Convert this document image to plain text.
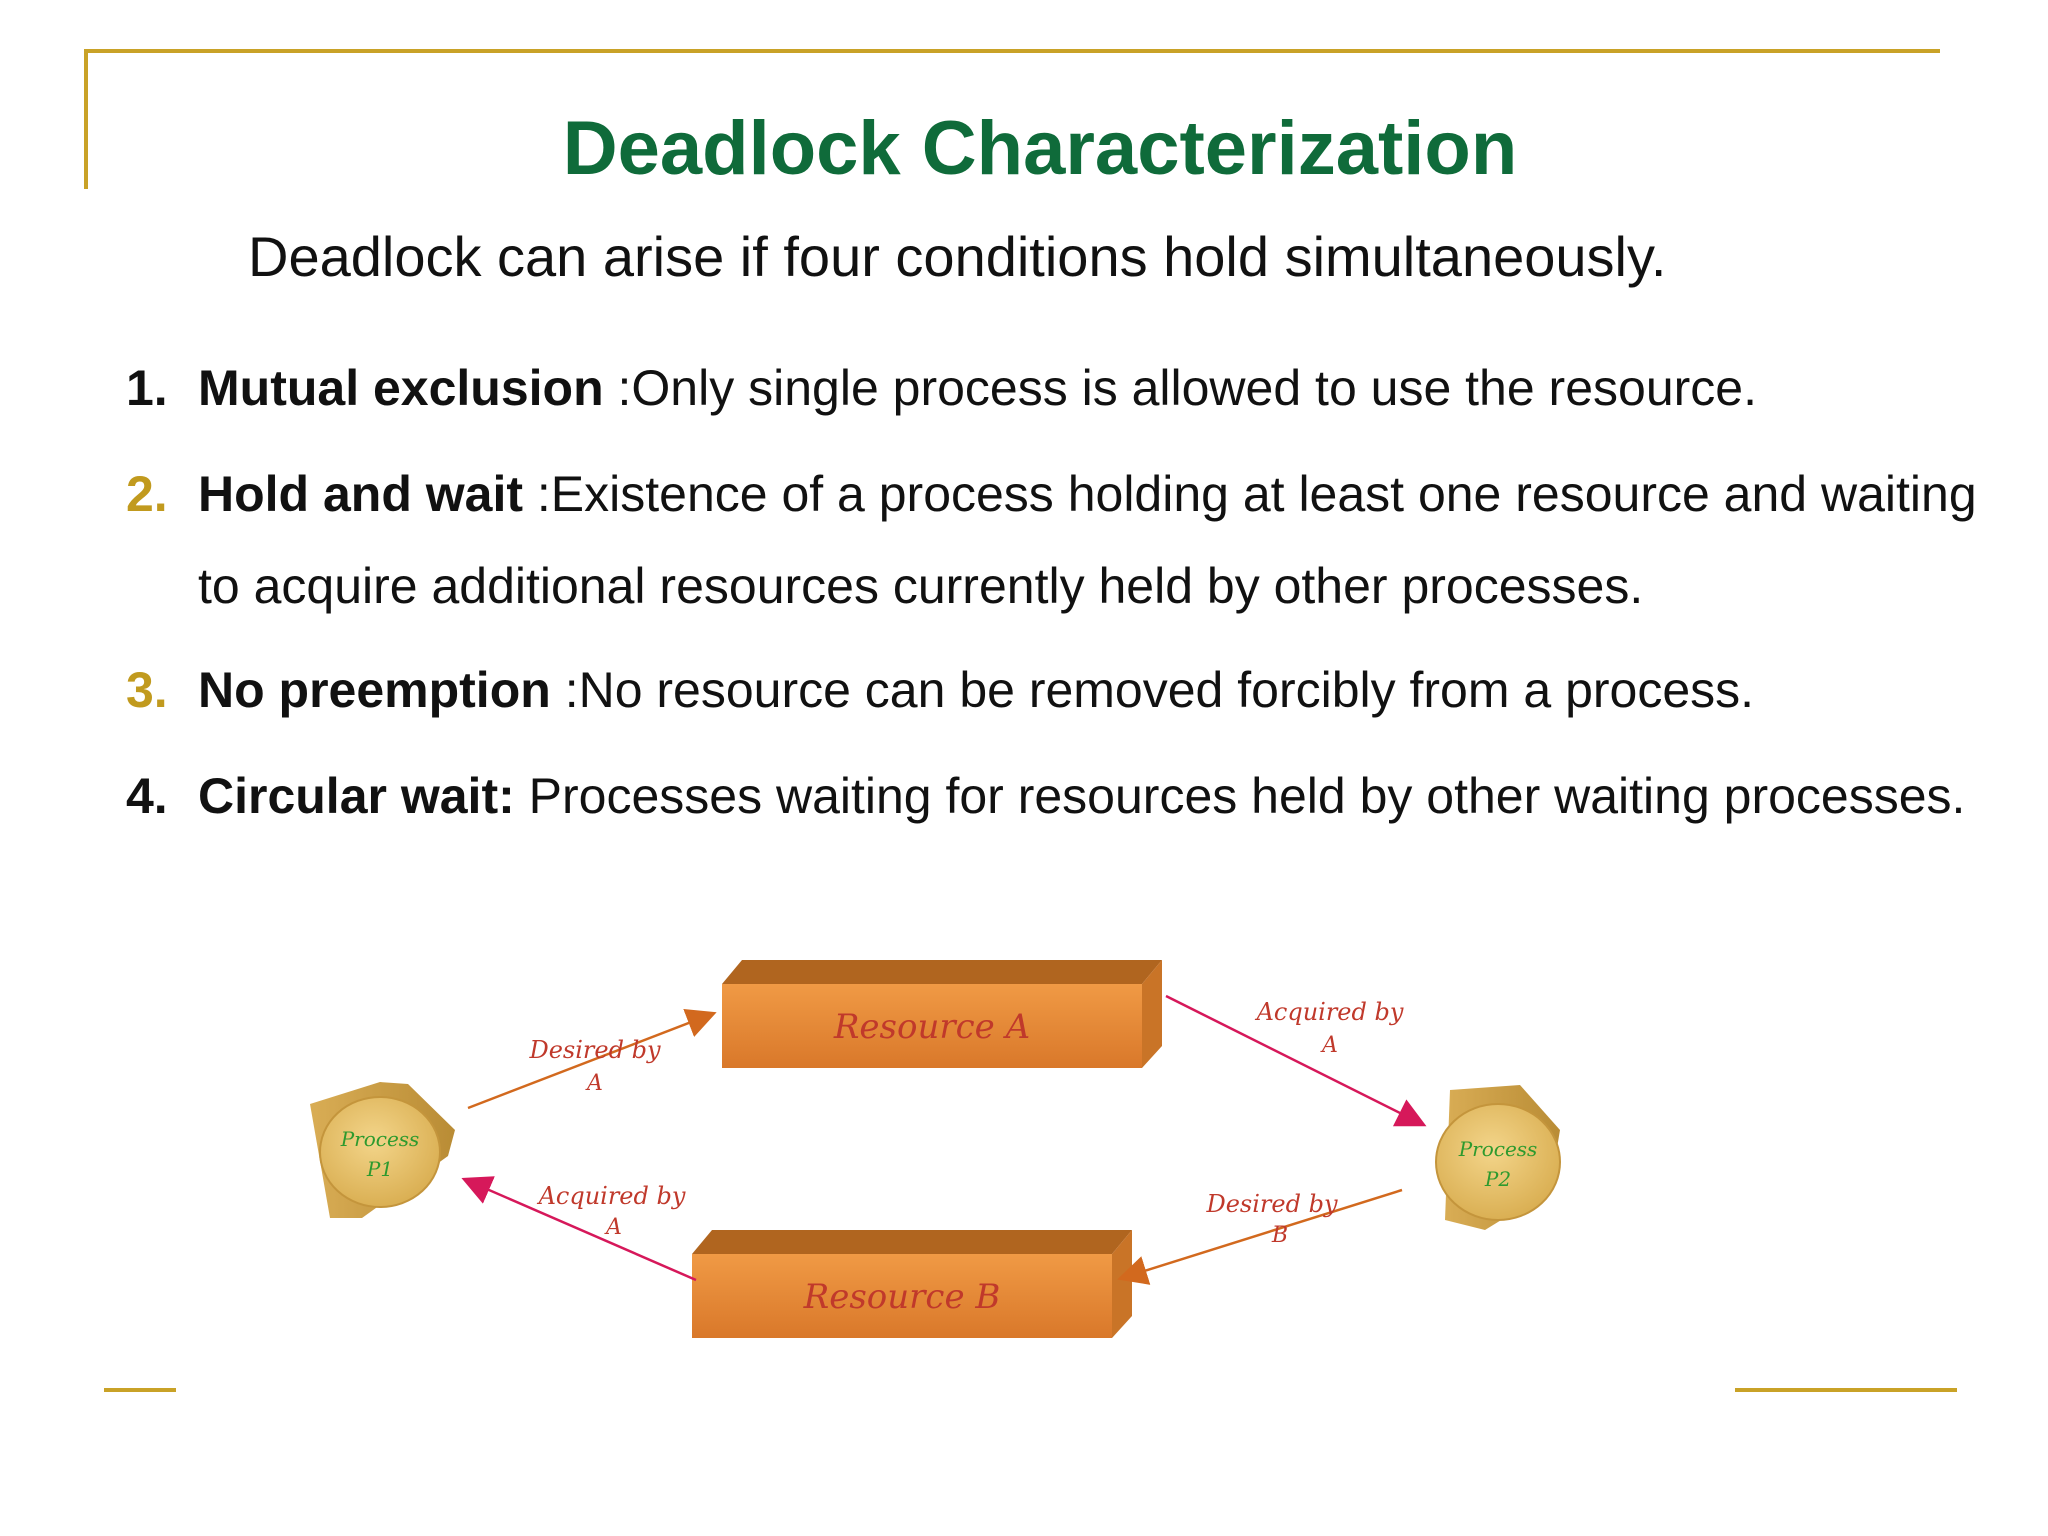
Deadlock Characterization
Deadlock can arise if four conditions hold simultaneously.
1. Mutual exclusion :Only single process is allowed to use the resource.
2. Hold and wait :Existence of a process holding at least one resource and waiting
to acquire additional resources currently held by other processes.
3. No preemption :No resource can be removed forcibly from a process.
4. Circular wait: Processes waiting for resources held by other waiting processes.
Resource A
Resource B
Process
P1
Process
P2
Desired by
A
Acquired by
A
Desired by
B
Acquired by
A
